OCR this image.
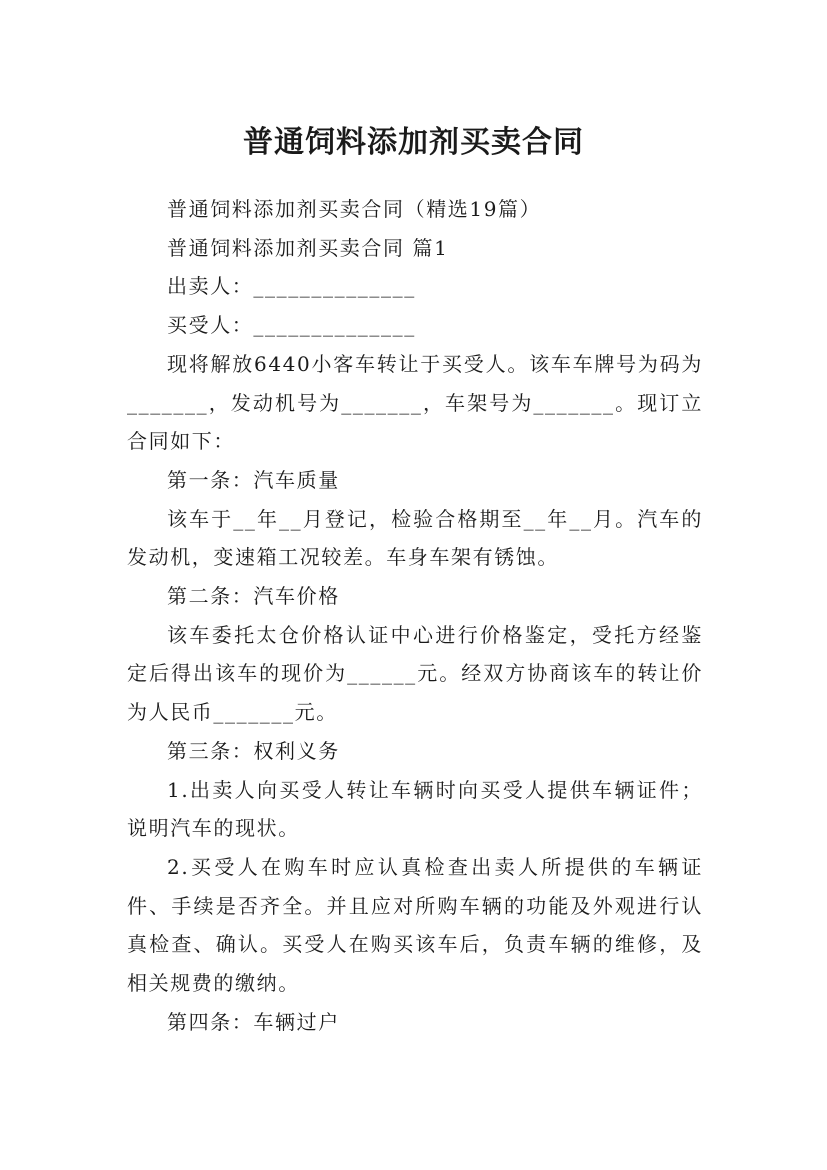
普通饲料添加剂买卖合同

普通饲料添加剂买卖合同（精选19篇）

普通饲料添加剂买卖合同 篇1

出卖人：______________

买受人：______________

现将解放6440小客车转让于买受人。该车车牌号为码为_______，发动机号为_______，车架号为_______。现订立合同如下：

第一条：汽车质量

该车于__年__月登记，检验合格期至__年__月。汽车的发动机，变速箱工况较差。车身车架有锈蚀。

第二条：汽车价格

该车委托太仓价格认证中心进行价格鉴定，受托方经鉴定后得出该车的现价为______元。经双方协商该车的转让价为人民币_______元。

第三条：权利义务

1.出卖人向买受人转让车辆时向买受人提供车辆证件；说明汽车的现状。

2.买受人在购车时应认真检查出卖人所提供的车辆证件、手续是否齐全。并且应对所购车辆的功能及外观进行认真检查、确认。买受人在购买该车后，负责车辆的维修，及相关规费的缴纳。

第四条：车辆过户
